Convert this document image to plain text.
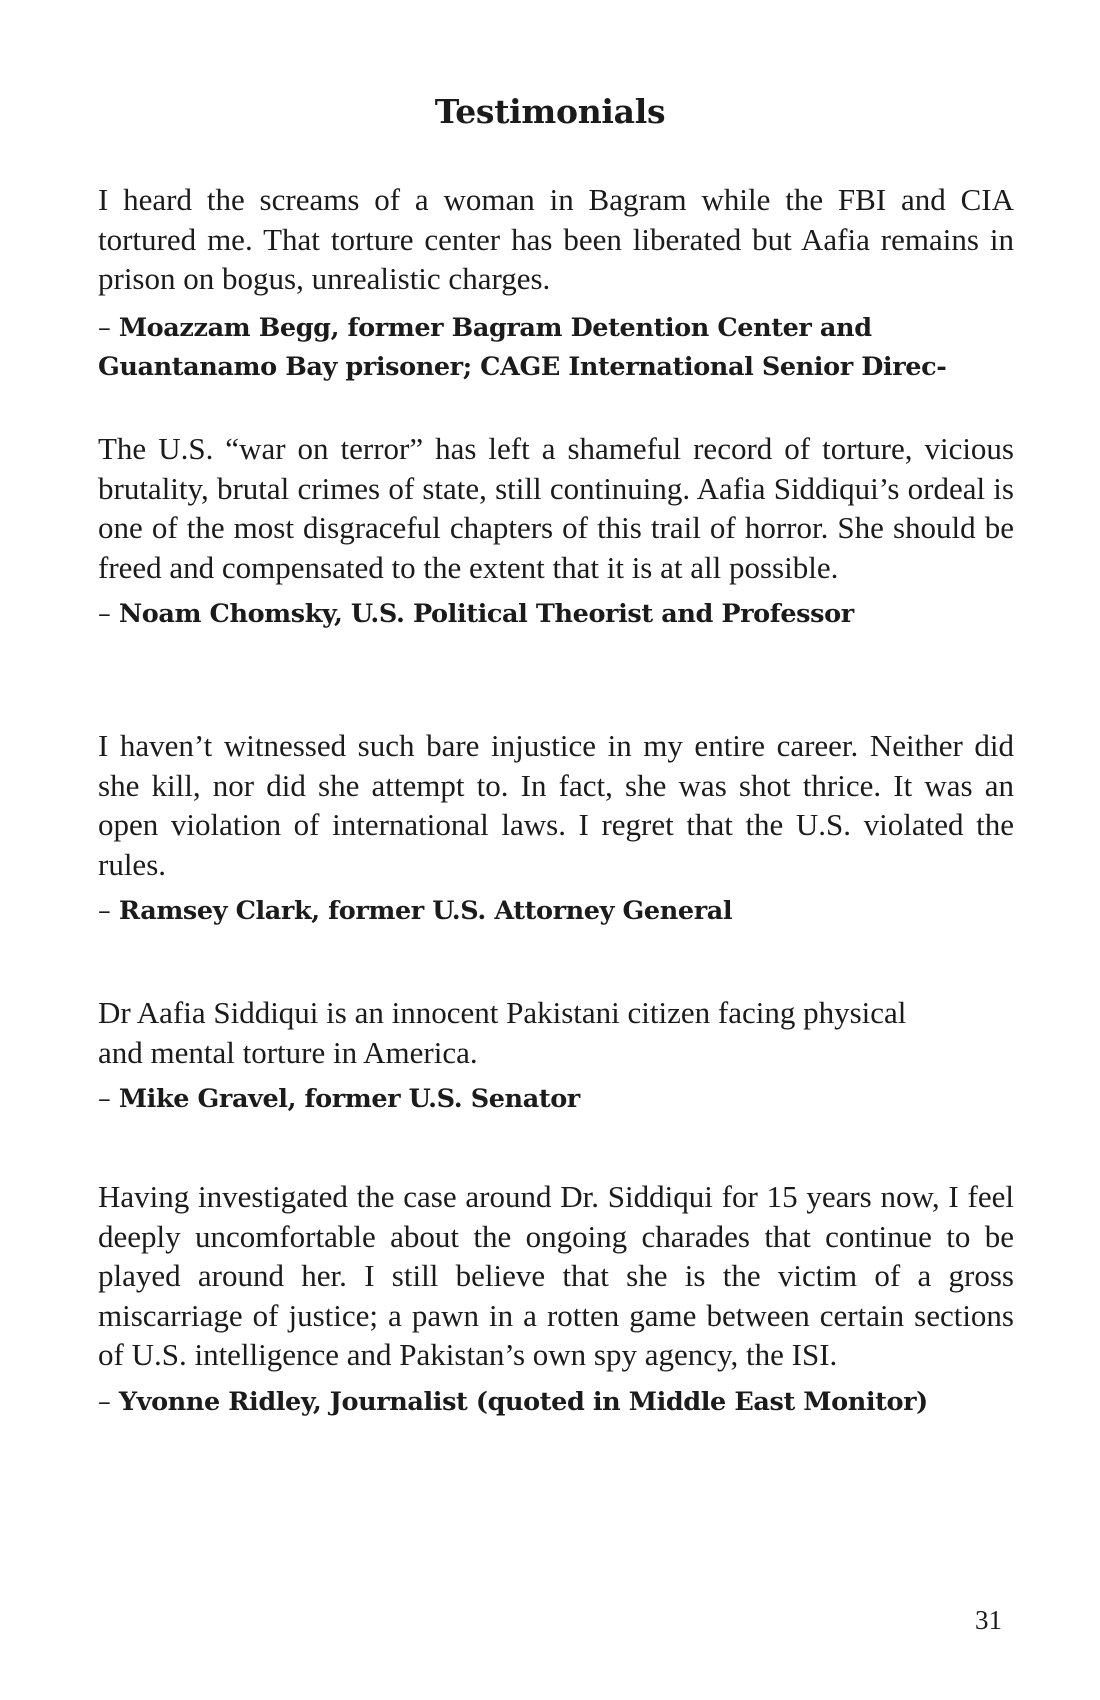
Testimonials

I heard the screams of a woman in Bagram while the FBI and CIA tortured me. That torture center has been liberated but Aafia remains in prison on bogus, unrealistic charges.

– Moazzam Begg, former Bagram Detention Center and Guantanamo Bay prisoner; CAGE International Senior Direc-

The U.S. “war on terror” has left a shameful record of torture, vicious brutality, brutal crimes of state, still continuing. Aafia Siddiqui’s ordeal is one of the most disgraceful chapters of this trail of horror. She should be freed and compensated to the extent that it is at all possible.

– Noam Chomsky, U.S. Political Theorist and Professor

I haven’t witnessed such bare injustice in my entire career. Neither did she kill, nor did she attempt to. In fact, she was shot thrice. It was an open violation of international laws. I regret that the U.S. violated the rules.

– Ramsey Clark, former U.S. Attorney General

Dr Aafia Siddiqui is an innocent Pakistani citizen facing physical and mental torture in America.

– Mike Gravel, former U.S. Senator

Having investigated the case around Dr. Siddiqui for 15 years now, I feel deeply uncomfortable about the ongoing charades that continue to be played around her. I still believe that she is the victim of a gross miscarriage of justice; a pawn in a rotten game between certain sections of U.S. intelligence and Pakistan’s own spy agency, the ISI.

– Yvonne Ridley, Journalist (quoted in Middle East Monitor)

31
